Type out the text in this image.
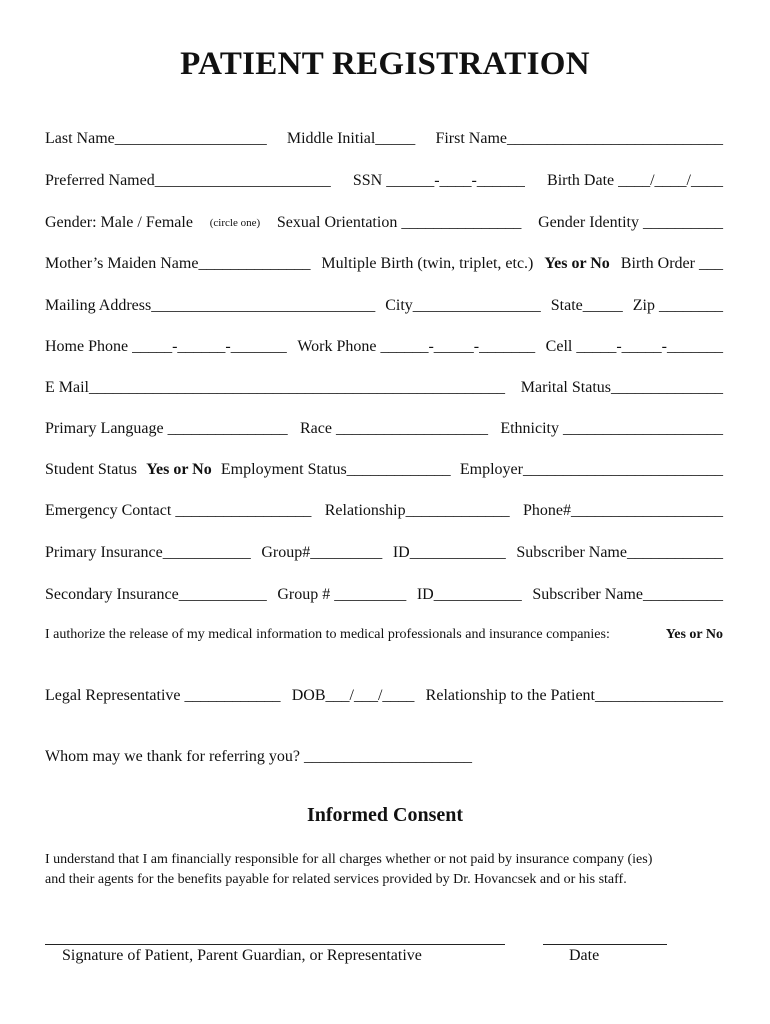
PATIENT REGISTRATION
Last Name___________________ Middle Initial_____ First Name___________________________
Preferred Named______________________ SSN ______-____-______ Birth Date ____/____/____
Gender: Male / Female (circle one) Sexual Orientation _______________ Gender Identity __________
Mother’s Maiden Name______________ Multiple Birth (twin, triplet, etc.) Yes or No Birth Order ___
Mailing Address____________________________ City________________ State_____ Zip ________
Home Phone _____-______-_______ Work Phone ______-_____-_______ Cell _____-_____-_______
E Mail____________________________________________________ Marital Status______________
Primary Language _______________ Race ___________________ Ethnicity ____________________
Student Status Yes or No Employment Status_____________ Employer_________________________
Emergency Contact _________________ Relationship_____________ Phone#___________________
Primary Insurance___________ Group#_________ ID____________ Subscriber Name____________
Secondary Insurance___________ Group # _________ ID___________ Subscriber Name__________
I authorize the release of my medical information to medical professionals and insurance companies:	Yes or No
Legal Representative ____________ DOB___/___/____ Relationship to the Patient________________
Whom may we thank for referring you? _____________________
Informed Consent
I understand that I am financially responsible for all charges whether or not paid by insurance company (ies)
and their agents for the benefits payable for related services provided by Dr. Hovancsek and or his staff.
Signature of Patient, Parent Guardian, or Representative	Date
